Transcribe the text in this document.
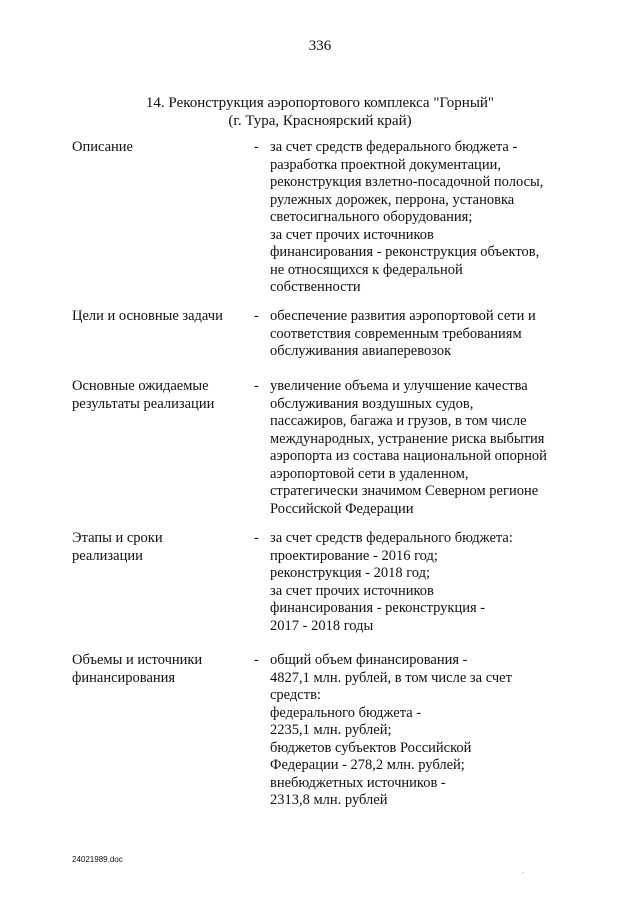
336
14. Реконструкция аэропортового комплекса "Горный"
(г. Тура, Красноярский край)
Описание	- за счет средств федерального бюджета -
разработка проектной документации,
реконструкция взлетно-посадочной полосы,
рулежных дорожек, перрона, установка
светосигнального оборудования;
за счет прочих источников
финансирования - реконструкция объектов,
не относящихся к федеральной
собственности
Цели и основные задачи	- обеспечение развития аэропортовой сети и
соответствия современным требованиям
обслуживания авиаперевозок
Основные ожидаемые
результаты реализации
- увеличение объема и улучшение качества
обслуживания воздушных судов,
пассажиров, багажа и грузов, в том числе
международных, устранение риска выбытия
аэропорта из состава национальной опорной
аэропортовой сети в удаленном,
стратегически значимом Северном регионе
Российской Федерации
Этапы и сроки
реализации
- за счет средств федерального бюджета:
проектирование - 2016 год;
реконструкция - 2018 год;
за счет прочих источников
финансирования - реконструкция -
2017 - 2018 годы
Объемы и источники
финансирования
- общий объем финансирования -
4827,1 млн. рублей, в том числе за счет
средств:
федерального бюджета -
2235,1 млн. рублей;
бюджетов субъектов Российской
Федерации - 278,2 млн. рублей;
внебюджетных источников -
2313,8 млн. рублей
24021989.doc
.
